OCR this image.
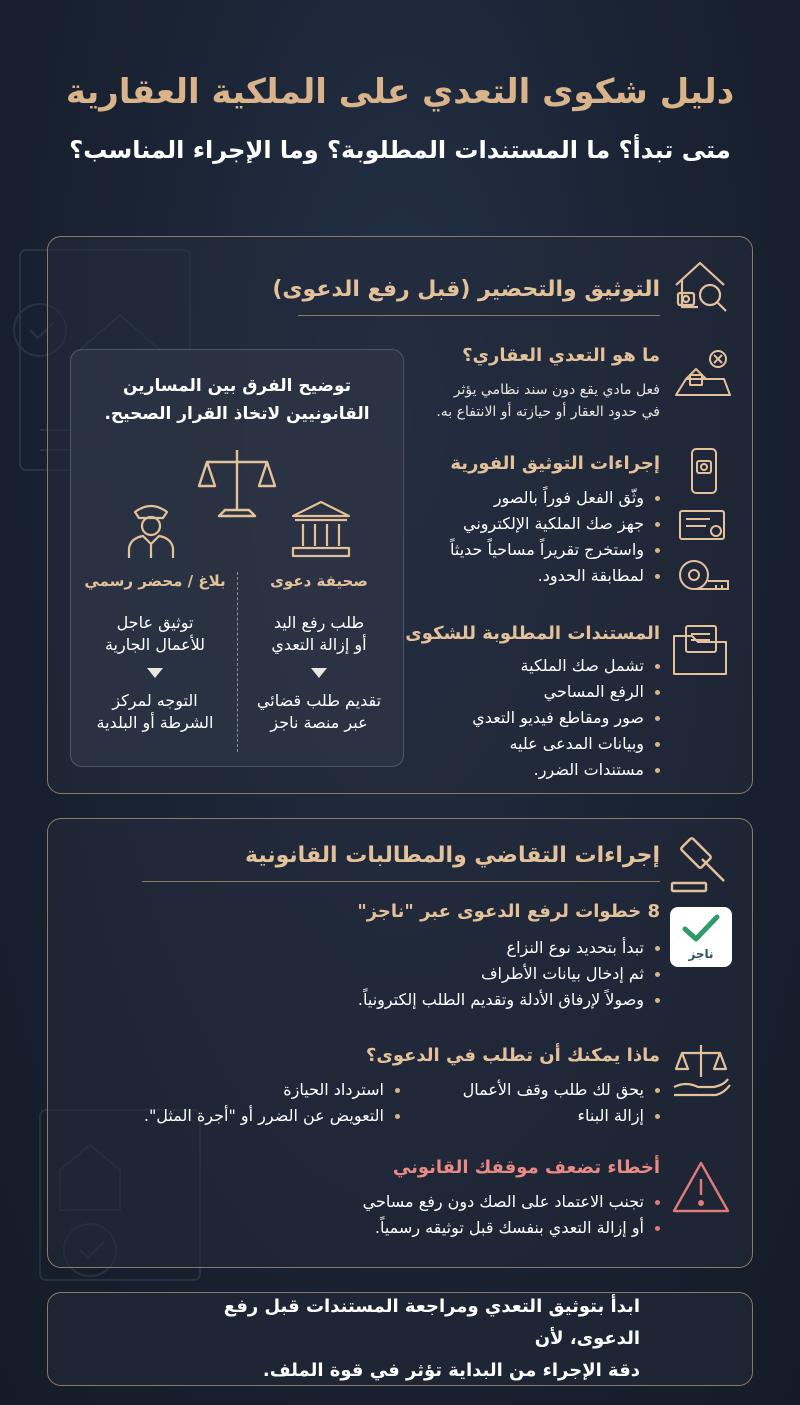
دليل شكوى التعدي على الملكية العقارية
متى تبدأ؟ ما المستندات المطلوبة؟ وما الإجراء المناسب؟
التوثيق والتحضير (قبل رفع الدعوى)
ما هو التعدي العقاري؟
فعل مادي يقع دون سند نظامي يؤثر
في حدود العقار أو حيازته أو الانتفاع به.
إجراءات التوثيق الفورية
وثّق الفعل فوراً بالصور
جهز صك الملكية الإلكتروني
واستخرج تقريراً مساحياً حديثاً
لمطابقة الحدود.
المستندات المطلوبة للشكوى
تشمل صك الملكية
الرفع المساحي
صور ومقاطع فيديو التعدي
وبيانات المدعى عليه
مستندات الضرر.
توضيح الفرق بين المسارين
القانونيين لاتخاذ القرار الصحيح.
صحيفة دعوى
بلاغ / محضر رسمي
طلب رفع اليد
أو إزالة التعدي
تقديم طلب قضائي
عبر منصة ناجز
توثيق عاجل
للأعمال الجارية
التوجه لمركز
الشرطة أو البلدية
إجراءات التقاضي والمطالبات القانونية
ناجز
8 خطوات لرفع الدعوى عبر "ناجز"
تبدأ بتحديد نوع النزاع
ثم إدخال بيانات الأطراف
وصولاً لإرفاق الأدلة وتقديم الطلب إلكترونياً.
ماذا يمكنك أن تطلب في الدعوى؟
يحق لك طلب وقف الأعمال
إزالة البناء
استرداد الحيازة
التعويض عن الضرر أو "أجرة المثل".
أخطاء تضعف موقفك القانوني
تجنب الاعتماد على الصك دون رفع مساحي
أو إزالة التعدي بنفسك قبل توثيقه رسمياً.
ابدأ بتوثيق التعدي ومراجعة المستندات قبل رفع الدعوى، لأن
دقة الإجراء من البداية تؤثر في قوة الملف.
